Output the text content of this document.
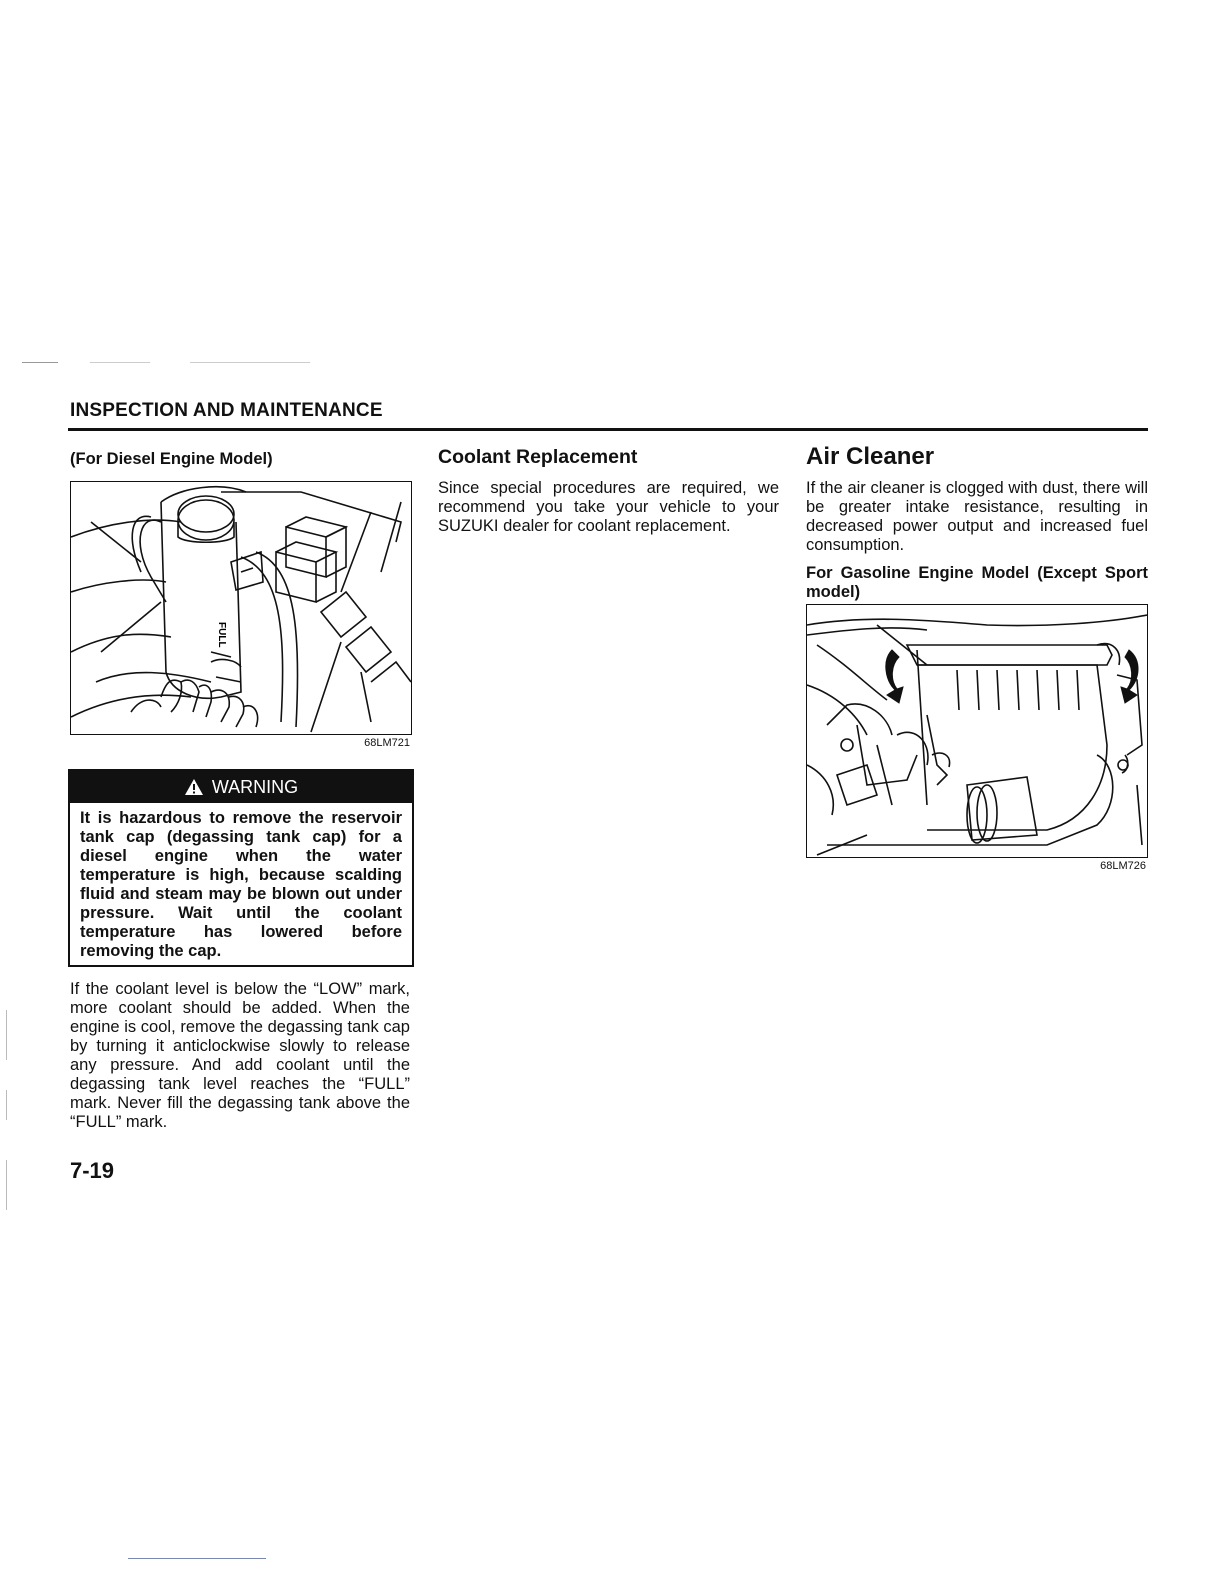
INSPECTION AND MAINTENANCE
(For Diesel Engine Model)
FULL
68LM721
WARNING
It is hazardous to remove the reservoir tank cap (degassing tank cap) for a diesel engine when the water temperature is high, because scalding fluid and steam may be blown out under pressure. Wait until the coolant temperature has lowered before removing the cap.
If the coolant level is below the “LOW” mark, more coolant should be added. When the engine is cool, remove the degassing tank cap by turning it anticlockwise slowly to release any pressure. And add coolant until the degassing tank level reaches the “FULL” mark. Never fill the degassing tank above the “FULL” mark.
Coolant Replacement
Since special procedures are required, we recommend you take your vehicle to your SUZUKI dealer for coolant replacement.
Air Cleaner
If the air cleaner is clogged with dust, there will be greater intake resistance, resulting in decreased power output and increased fuel consumption.
For Gasoline Engine Model (Except Sport model)
68LM726
7-19
